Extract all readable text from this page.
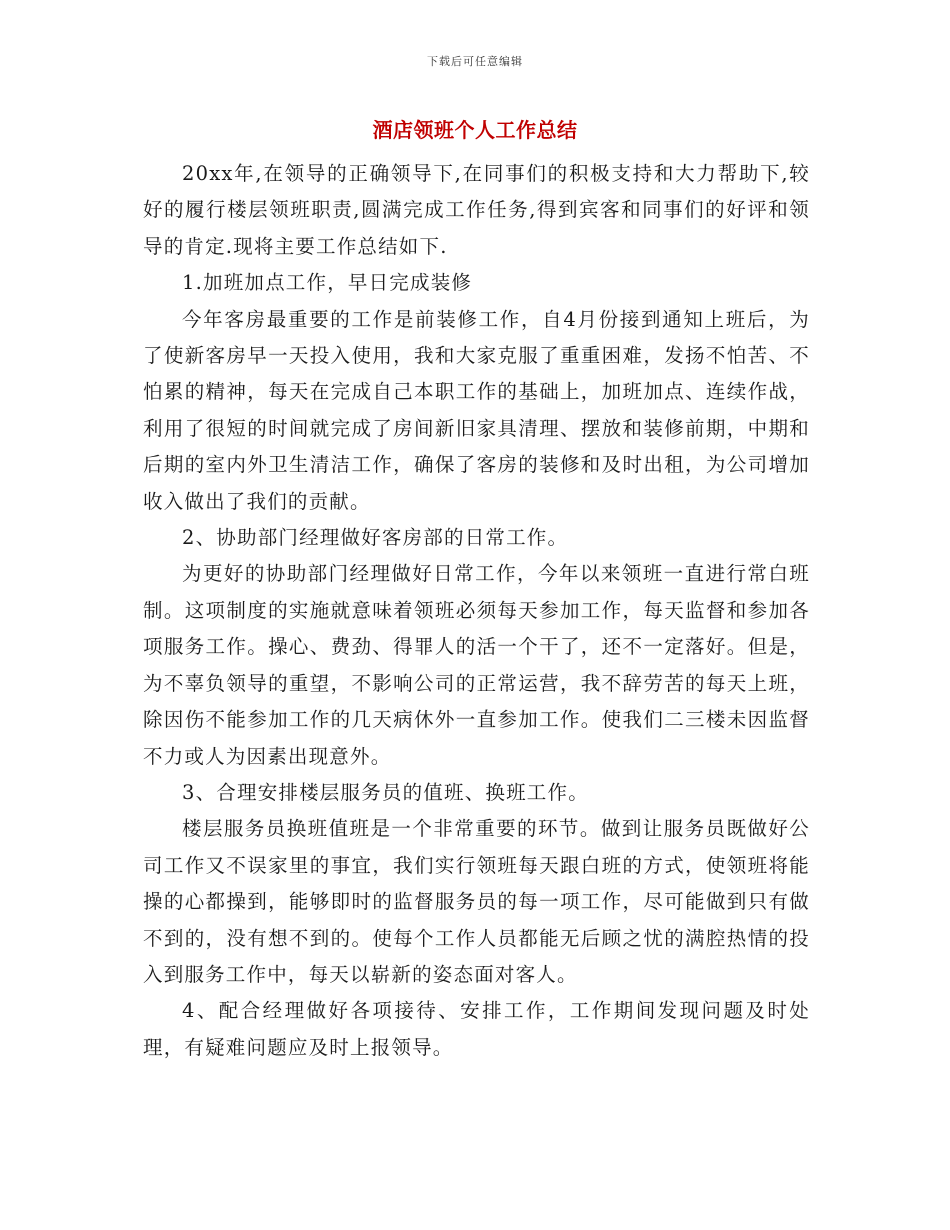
下载后可任意编辑
酒店领班个人工作总结

20xx年,在领导的正确领导下,在同事们的积极支持和大力帮助下,较好的履行楼层领班职责,圆满完成工作任务,得到宾客和同事们的好评和领导的肯定.现将主要工作总结如下.

1.加班加点工作，早日完成装修

今年客房最重要的工作是前装修工作，自4月份接到通知上班后，为了使新客房早一天投入使用，我和大家克服了重重困难，发扬不怕苦、不怕累的精神，每天在完成自己本职工作的基础上，加班加点、连续作战，利用了很短的时间就完成了房间新旧家具清理、摆放和装修前期，中期和后期的室内外卫生清洁工作，确保了客房的装修和及时出租，为公司增加收入做出了我们的贡献。

2、协助部门经理做好客房部的日常工作。

为更好的协助部门经理做好日常工作，今年以来领班一直进行常白班制。这项制度的实施就意味着领班必须每天参加工作，每天监督和参加各项服务工作。操心、费劲、得罪人的活一个干了，还不一定落好。但是，为不辜负领导的重望，不影响公司的正常运营，我不辞劳苦的每天上班，除因伤不能参加工作的几天病休外一直参加工作。使我们二三楼未因监督不力或人为因素出现意外。

3、合理安排楼层服务员的值班、换班工作。

楼层服务员换班值班是一个非常重要的环节。做到让服务员既做好公司工作又不误家里的事宜，我们实行领班每天跟白班的方式，使领班将能操的心都操到，能够即时的监督服务员的每一项工作，尽可能做到只有做不到的，没有想不到的。使每个工作人员都能无后顾之忧的满腔热情的投入到服务工作中，每天以崭新的姿态面对客人。

4、配合经理做好各项接待、安排工作，工作期间发现问题及时处理，有疑难问题应及时上报领导。
